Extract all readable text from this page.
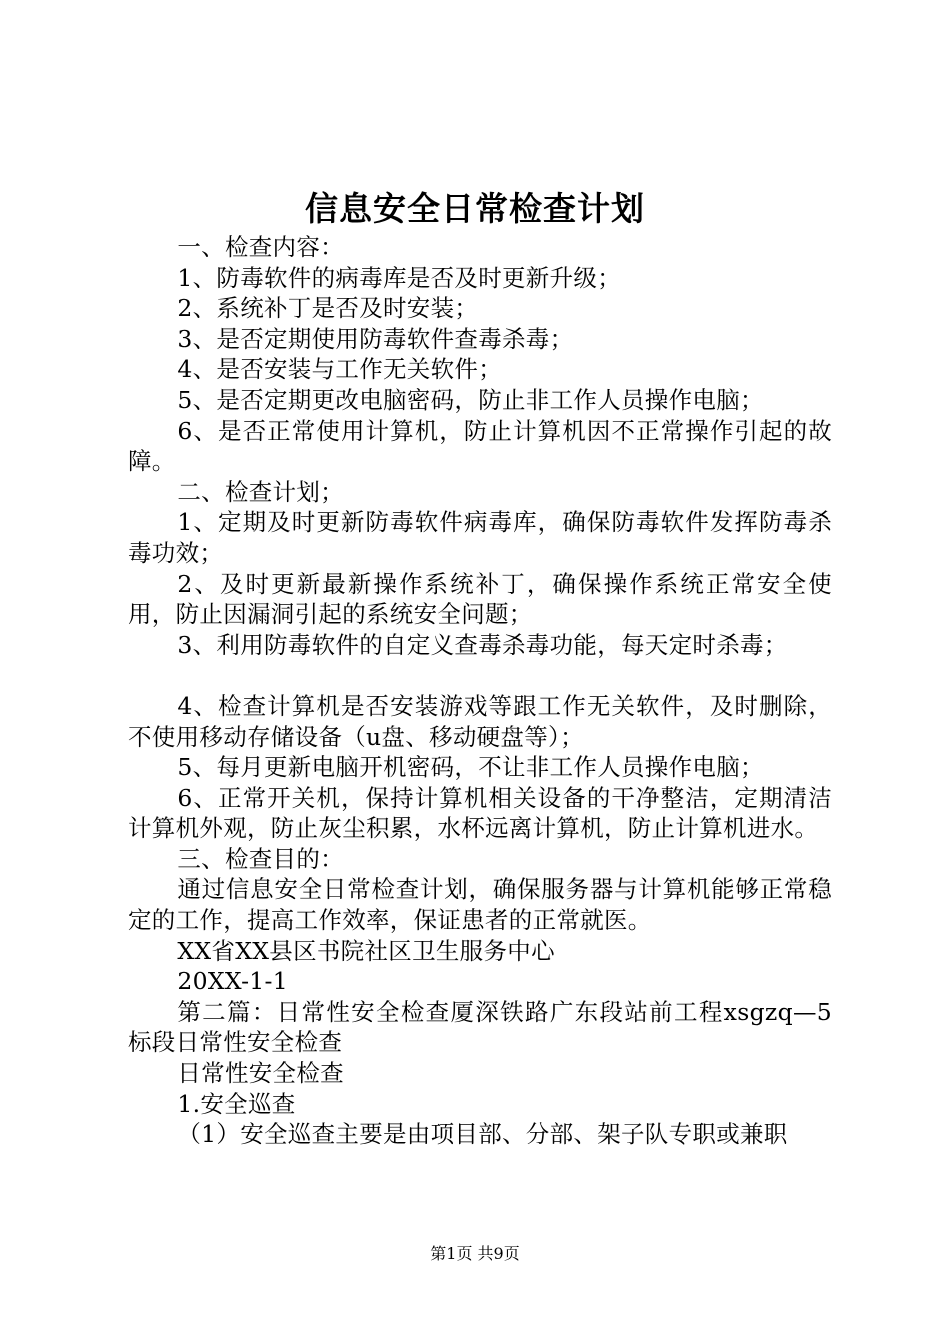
信息安全日常检查计划

一、检查内容：

1、防毒软件的病毒库是否及时更新升级；

2、系统补丁是否及时安装；

3、是否定期使用防毒软件查毒杀毒；

4、是否安装与工作无关软件；

5、是否定期更改电脑密码，防止非工作人员操作电脑；

6、是否正常使用计算机，防止计算机因不正常操作引起的故障。

二、检查计划；

1、定期及时更新防毒软件病毒库，确保防毒软件发挥防毒杀毒功效；

2、及时更新最新操作系统补丁，确保操作系统正常安全使用，防止因漏洞引起的系统安全问题；

3、利用防毒软件的自定义查毒杀毒功能，每天定时杀毒；

4、检查计算机是否安装游戏等跟工作无关软件，及时删除，不使用移动存储设备（u盘、移动硬盘等）；

5、每月更新电脑开机密码，不让非工作人员操作电脑；

6、正常开关机，保持计算机相关设备的干净整洁，定期清洁计算机外观，防止灰尘积累，水杯远离计算机，防止计算机进水。

三、检查目的：

通过信息安全日常检查计划，确保服务器与计算机能够正常稳定的工作，提高工作效率，保证患者的正常就医。

XX省XX县区书院社区卫生服务中心

20XX-1-1

第二篇：日常性安全检查厦深铁路广东段站前工程xsgzq—5标段日常性安全检查

日常性安全检查

1.安全巡查

（1）安全巡查主要是由项目部、分部、架子队专职或兼职

第1页 共9页
